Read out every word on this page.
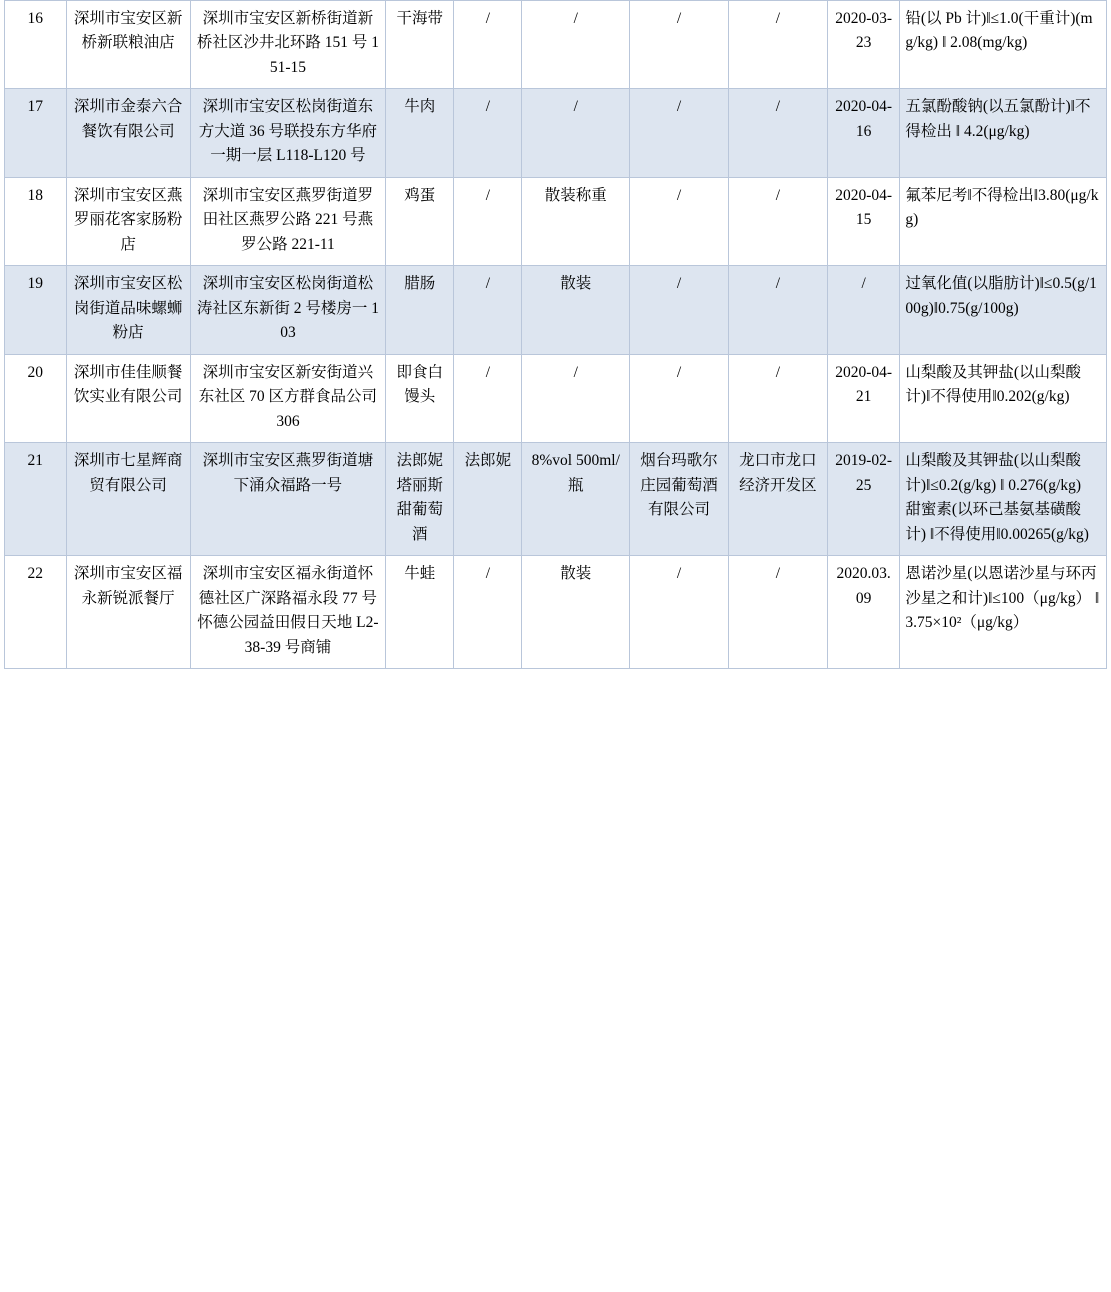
16	深圳市宝安区新桥新联粮油店	深圳市宝安区新桥街道新桥社区沙井北环路 151 号 151-15	干海带	/	/	/	/	2020-03-23	铅(以 Pb 计)‖≤1.0(干重计)(mg/kg) ‖ 2.08(mg/kg)
17	深圳市金泰六合餐饮有限公司	深圳市宝安区松岗街道东方大道 36 号联投东方华府一期一层 L118-L120 号	牛肉	/	/	/	/	2020-04-16	五氯酚酸钠(以五氯酚计)‖不得检出 ‖ 4.2(μg/kg)
18	深圳市宝安区燕罗丽花客家肠粉店	深圳市宝安区燕罗街道罗田社区燕罗公路 221 号燕罗公路 221-11	鸡蛋	/	散装称重	/	/	2020-04-15	氟苯尼考‖不得检出‖3.80(μg/kg)
19	深圳市宝安区松岗街道品味螺蛳粉店	深圳市宝安区松岗街道松涛社区东新街 2 号楼房一 103	腊肠	/	散装	/	/	/	过氧化值(以脂肪计)‖≤0.5(g/100g)‖0.75(g/100g)
20	深圳市佳佳顺餐饮实业有限公司	深圳市宝安区新安街道兴东社区 70 区方群食品公司 306	即食白馒头	/	/	/	/	2020-04-21	山梨酸及其钾盐(以山梨酸计)‖不得使用‖0.202(g/kg)
21	深圳市七星辉商贸有限公司	深圳市宝安区燕罗街道塘下涌众福路一号	法郎妮塔丽斯甜葡萄酒	法郎妮	8%vol 500ml/瓶	烟台玛歌尔庄园葡萄酒有限公司	龙口市龙口经济开发区	2019-02-25	山梨酸及其钾盐(以山梨酸计)‖≤0.2(g/kg) ‖ 0.276(g/kg)
甜蜜素(以环己基氨基磺酸计) ‖不得使用‖0.00265(g/kg)

22	深圳市宝安区福永新锐派餐厅	深圳市宝安区福永街道怀德社区广深路福永段 77 号怀德公园益田假日天地 L2-38-39 号商铺	牛蛙	/	散装	/	/	2020.03.09	恩诺沙星(以恩诺沙星与环丙沙星之和计)‖≤100（μg/kg） ‖ 3.75×10²（μg/kg）
